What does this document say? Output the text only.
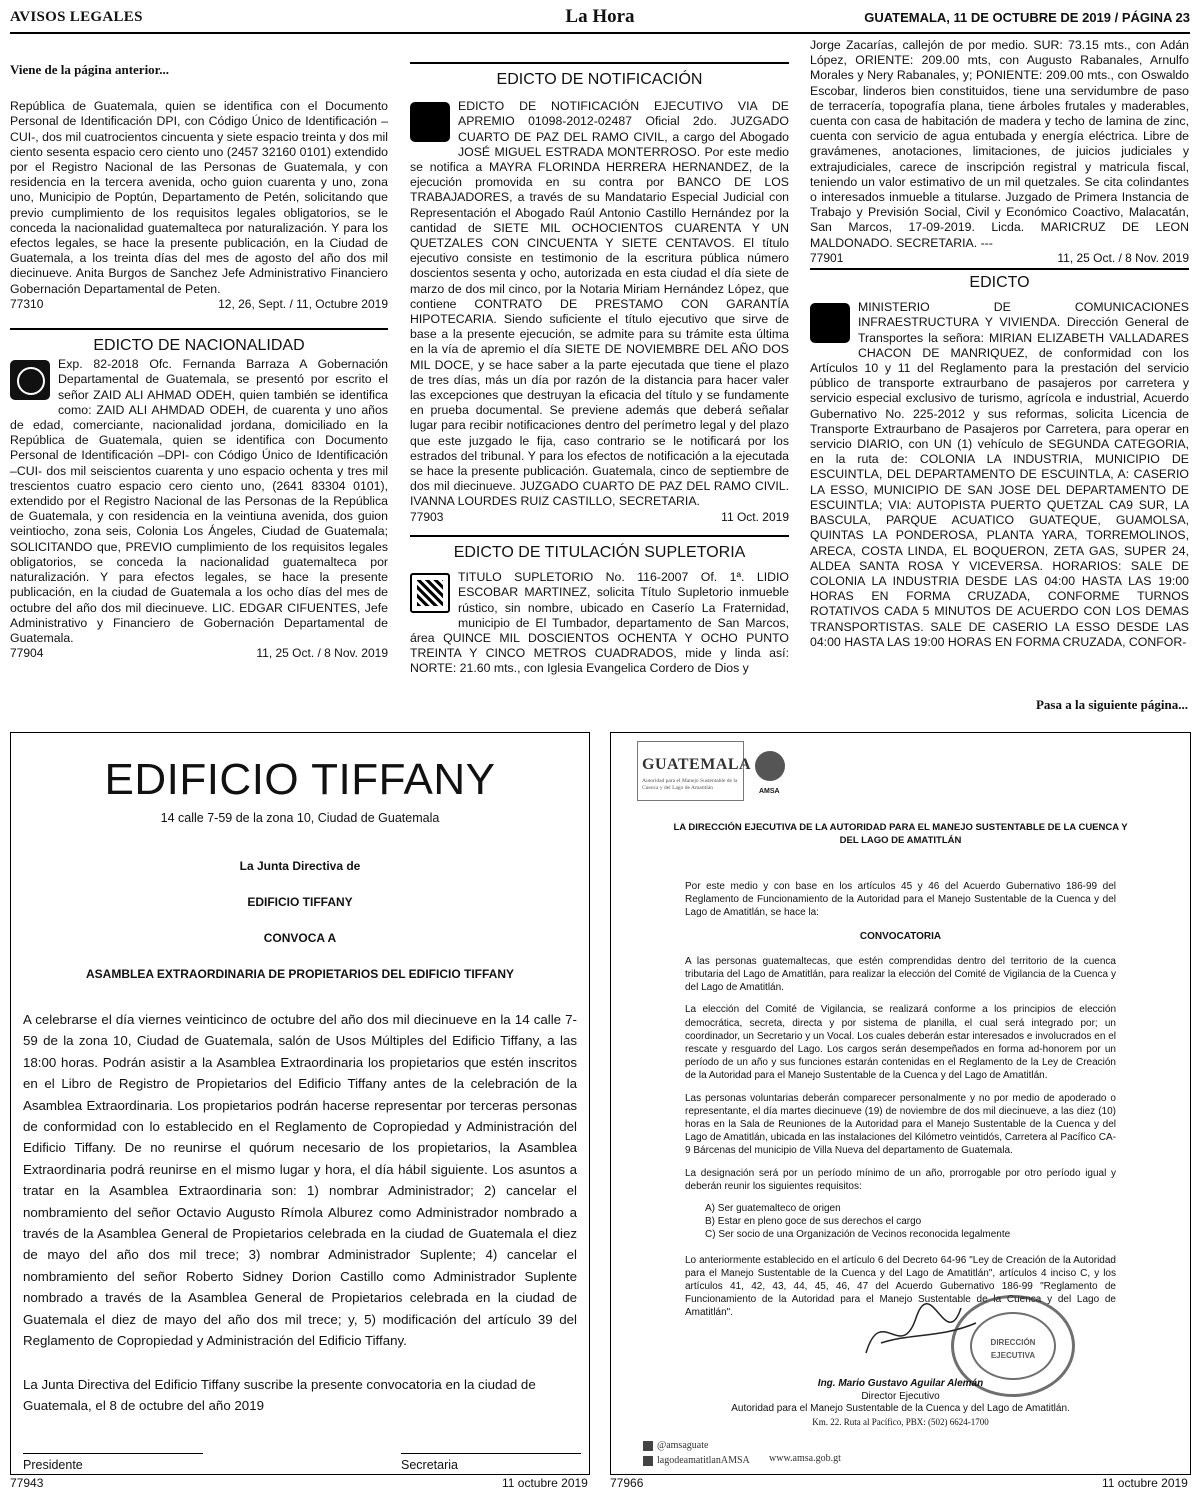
AVISOS LEGALES	La Hora	GUATEMALA, 11 DE OCTUBRE DE 2019 / PÁGINA 23
Viene de la página anterior...

República de Guatemala, quien se identifica con el Documento Personal de Identificación DPI, con Código Único de Identificación –CUI-, dos mil cuatrocientos cincuenta y siete espacio treinta y dos mil ciento sesenta espacio cero ciento uno (2457 32160 0101) extendido por el Registro Nacional de las Personas de Guatemala, y con residencia en la tercera avenida, ocho guion cuarenta y uno, zona uno, Municipio de Poptún, Departamento de Petén, solicitando que previo cumplimiento de los requisitos legales obligatorios, se le conceda la nacionalidad guatemalteca por naturalización. Y para los efectos legales, se hace la presente publicación, en la Ciudad de Guatemala, a los treinta días del mes de agosto del año dos mil diecinueve. Anita Burgos de Sanchez Jefe Administrativo Financiero Gobernación Departamental de Peten.

77310	12, 26, Sept. / 11, Octubre 2019
EDICTO DE NACIONALIDAD

Exp. 82-2018 Ofc. Fernanda Barraza A Gobernación Departamental de Guatemala, se presentó por escrito el señor ZAID ALI AHMAD ODEH, quien también se identifica como: ZAID ALI AHMDAD ODEH, de cuarenta y uno años de edad, comerciante, nacionalidad jordana, domiciliado en la República de Guatemala, quien se identifica con Documento Personal de Identificación –DPI- con Código Único de Identificación –CUI- dos mil seiscientos cuarenta y uno espacio ochenta y tres mil trescientos cuatro espacio cero ciento uno, (2641 83304 0101), extendido por el Registro Nacional de las Personas de la República de Guatemala, y con residencia en la veintiuna avenida, dos guion veintiocho, zona seis, Colonia Los Ángeles, Ciudad de Guatemala; SOLICITANDO que, PREVIO cumplimiento de los requisitos legales obligatorios, se conceda la nacionalidad guatemalteca por naturalización. Y para efectos legales, se hace la presente publicación, en la ciudad de Guatemala a los ocho días del mes de octubre del año dos mil diecinueve. LIC. EDGAR CIFUENTES, Jefe Administrativo y Financiero de Gobernación Departamental de Guatemala.

77904	11, 25 Oct. / 8 Nov. 2019
EDICTO DE NOTIFICACIÓN

EDICTO DE NOTIFICACIÓN EJECUTIVO VIA DE APREMIO 01098-2012-02487 Oficial 2do. JUZGADO CUARTO DE PAZ DEL RAMO CIVIL, a cargo del Abogado JOSÉ MIGUEL ESTRADA MONTERROSO. Por este medio se notifica a MAYRA FLORINDA HERRERA HERNANDEZ, de la ejecución promovida en su contra por BANCO DE LOS TRABAJADORES, a través de su Mandatario Especial Judicial con Representación el Abogado Raúl Antonio Castillo Hernández por la cantidad de SIETE MIL OCHOCIENTOS CUARENTA Y UN QUETZALES CON CINCUENTA Y SIETE CENTAVOS. El título ejecutivo consiste en testimonio de la escritura pública número doscientos sesenta y ocho, autorizada en esta ciudad el día siete de marzo de dos mil cinco, por la Notaria Miriam Hernández López, que contiene CONTRATO DE PRESTAMO CON GARANTÍA HIPOTECARIA. Siendo suficiente el título ejecutivo que sirve de base a la presente ejecución, se admite para su trámite esta última en la vía de apremio el día SIETE DE NOVIEMBRE DEL AÑO DOS MIL DOCE, y se hace saber a la parte ejecutada que tiene el plazo de tres días, más un día por razón de la distancia para hacer valer las excepciones que destruyan la eficacia del título y se fundamente en prueba documental. Se previene además que deberá señalar lugar para recibir notificaciones dentro del perímetro legal y del plazo que este juzgado le fija, caso contrario se le notificará por los estrados del tribunal. Y para los efectos de notificación a la ejecutada se hace la presente publicación. Guatemala, cinco de septiembre de dos mil diecinueve. JUZGADO CUARTO DE PAZ DEL RAMO CIVIL. IVANNA LOURDES RUIZ CASTILLO, SECRETARIA.

77903	11 Oct. 2019
EDICTO DE TITULACIÓN SUPLETORIA

TITULO SUPLETORIO No. 116-2007 Of. 1ª. LIDIO ESCOBAR MARTINEZ, solicita Título Supletorio inmueble rústico, sin nombre, ubicado en Caserío La Fraternidad, municipio de El Tumbador, departamento de San Marcos, área QUINCE MIL DOSCIENTOS OCHENTA Y OCHO PUNTO TREINTA Y CINCO METROS CUADRADOS, mide y linda así: NORTE: 21.60 mts., con Iglesia Evangelica Cordero de Dios y

Jorge Zacarías, callejón de por medio. SUR: 73.15 mts., con Adán López, ORIENTE: 209.00 mts, con Augusto Rabanales, Arnulfo Morales y Nery Rabanales, y; PONIENTE: 209.00 mts., con Oswaldo Escobar, linderos bien constituidos, tiene una servidumbre de paso de terracería, topografía plana, tiene árboles frutales y maderables, cuenta con casa de habitación de madera y techo de lamina de zinc, cuenta con servicio de agua entubada y energía eléctrica. Libre de gravámenes, anotaciones, limitaciones, de juicios judiciales y extrajudiciales, carece de inscripción registral y matricula fiscal, teniendo un valor estimativo de un mil quetzales. Se cita colindantes o interesados inmueble a titularse. Juzgado de Primera Instancia de Trabajo y Previsión Social, Civil y Económico Coactivo, Malacatán, San Marcos, 17-09-2019. Licda. MARICRUZ DE LEON MALDONADO. SECRETARIA. ---

77901	11, 25 Oct. / 8 Nov. 2019
EDICTO

MINISTERIO DE COMUNICACIONES INFRAESTRUCTURA Y VIVIENDA. Dirección General de Transportes la señora: MIRIAN ELIZABETH VALLADARES CHACON DE MANRIQUEZ, de conformidad con los Artículos 10 y 11 del Reglamento para la prestación del servicio público de transporte extraurbano de pasajeros por carretera y servicio especial exclusivo de turismo, agrícola e industrial, Acuerdo Gubernativo No. 225-2012 y sus reformas, solicita Licencia de Transporte Extraurbano de Pasajeros por Carretera, para operar en servicio DIARIO, con UN (1) vehículo de SEGUNDA CATEGORIA, en la ruta de: COLONIA LA INDUSTRIA, MUNICIPIO DE ESCUINTLA, DEL DEPARTAMENTO DE ESCUINTLA, A: CASERIO LA ESSO, MUNICIPIO DE SAN JOSE DEL DEPARTAMENTO DE ESCUINTLA; VIA: AUTOPISTA PUERTO QUETZAL CA9 SUR, LA BASCULA, PARQUE ACUATICO GUATEQUE, GUAMOLSA, QUINTAS LA PONDEROSA, PLANTA YARA, TORREMOLINOS, ARECA, COSTA LINDA, EL BOQUERON, ZETA GAS, SUPER 24, ALDEA SANTA ROSA Y VICEVERSA. HORARIOS: SALE DE COLONIA LA INDUSTRIA DESDE LAS 04:00 HASTA LAS 19:00 HORAS EN FORMA CRUZADA, CONFORME TURNOS ROTATIVOS CADA 5 MINUTOS DE ACUERDO CON LOS DEMAS TRANSPORTISTAS. SALE DE CASERIO LA ESSO DESDE LAS 04:00 HASTA LAS 19:00 HORAS EN FORMA CRUZADA, CONFOR-

Pasa a la siguiente página...
EDIFICIO TIFFANY
14 calle 7-59 de la zona 10, Ciudad de Guatemala
La Junta Directiva de
EDIFICIO TIFFANY
CONVOCA A
ASAMBLEA EXTRAORDINARIA DE PROPIETARIOS DEL EDIFICIO TIFFANY
A celebrarse el día viernes veinticinco de octubre del año dos mil diecinueve en la 14 calle 7-59 de la zona 10, Ciudad de Guatemala, salón de Usos Múltiples del Edificio Tiffany, a las 18:00 horas. Podrán asistir a la Asamblea Extraordinaria los propietarios que estén inscritos en el Libro de Registro de Propietarios del Edificio Tiffany antes de la celebración de la Asamblea Extraordinaria. Los propietarios podrán hacerse representar por terceras personas de conformidad con lo establecido en el Reglamento de Copropiedad y Administración del Edificio Tiffany. De no reunirse el quórum necesario de los propietarios, la Asamblea Extraordinaria podrá reunirse en el mismo lugar y hora, el día hábil siguiente. Los asuntos a tratar en la Asamblea Extraordinaria son: 1) nombrar Administrador; 2) cancelar el nombramiento del señor Octavio Augusto Rímola Alburez como Administrador nombrado a través de la Asamblea General de Propietarios celebrada en la ciudad de Guatemala el diez de mayo del año dos mil trece; 3) nombrar Administrador Suplente; 4) cancelar el nombramiento del señor Roberto Sidney Dorion Castillo como Administrador Suplente nombrado a través de la Asamblea General de Propietarios celebrada en la ciudad de Guatemala el diez de mayo del año dos mil trece; y, 5) modificación del artículo 39 del Reglamento de Copropiedad y Administración del Edificio Tiffany.
La Junta Directiva del Edificio Tiffany suscribe la presente convocatoria en la ciudad de Guatemala, el 8 de octubre del año 2019
Presidente	Secretaria
77943	11 octubre 2019
GUATEMALA
Autoridad para el Manejo Sustentable de la Cuenca y del Lago de Amatitlán
AMSA
LA DIRECCIÓN EJECUTIVA DE LA AUTORIDAD PARA EL MANEJO SUSTENTABLE DE LA CUENCA Y DEL LAGO DE AMATITLÁN

Por este medio y con base en los artículos 45 y 46 del Acuerdo Gubernativo 186-99 del Reglamento de Funcionamiento de la Autoridad para el Manejo Sustentable de la Cuenca y del Lago de Amatitlán, se hace la:

CONVOCATORIA

A las personas guatemaltecas, que estén comprendidas dentro del territorio de la cuenca tributaria del Lago de Amatitlán, para realizar la elección del Comité de Vigilancia de la Cuenca y del Lago de Amatitlán.

La elección del Comité de Vigilancia, se realizará conforme a los principios de elección democrática, secreta, directa y por sistema de planilla, el cual será integrado por; un coordinador, un Secretario y un Vocal. Los cuales deberán estar interesados e involucrados en el rescate y resguardo del Lago. Los cargos serán desempeñados en forma ad-honorem por un período de un año y sus funciones estarán contenidas en el Reglamento de la Ley de Creación de la Autoridad para el Manejo Sustentable de la Cuenca y del Lago de Amatitlán.

Las personas voluntarias deberán comparecer personalmente y no por medio de apoderado o representante, el día martes diecinueve (19) de noviembre de dos mil diecinueve, a las diez (10) horas en la Sala de Reuniones de la Autoridad para el Manejo Sustentable de la Cuenca y del Lago de Amatitlán, ubicada en las instalaciones del Kilómetro veintidós, Carretera al Pacífico CA-9 Bárcenas del municipio de Villa Nueva del departamento de Guatemala.

La designación será por un período mínimo de un año, prorrogable por otro período igual y deberán reunir los siguientes requisitos:

A) Ser guatemalteco de origen
B) Estar en pleno goce de sus derechos el cargo
C) Ser socio de una Organización de Vecinos reconocida legalmente

Lo anteriormente establecido en el artículo 6 del Decreto 64-96 "Ley de Creación de la Autoridad para el Manejo Sustentable de la Cuenca y del Lago de Amatitlán", artículos 4 inciso C, y los artículos 41, 42, 43, 44, 45, 46, 47 del Acuerdo Gubernativo 186-99 "Reglamento de Funcionamiento de la Autoridad para el Manejo Sustentable de la Cuenca y del Lago de Amatitlán".

DIRECCIÓN EJECUTIVA
Ing. Mario Gustavo Aguilar Alemán
Director Ejecutivo
Autoridad para el Manejo Sustentable de la Cuenca y del Lago de Amatitlán.
Km. 22. Ruta al Pacífico, PBX: (502) 6624-1700
@amsaguate
lagodeamatitlanAMSA www.amsa.gob.gt
77966	11 octubre 2019
